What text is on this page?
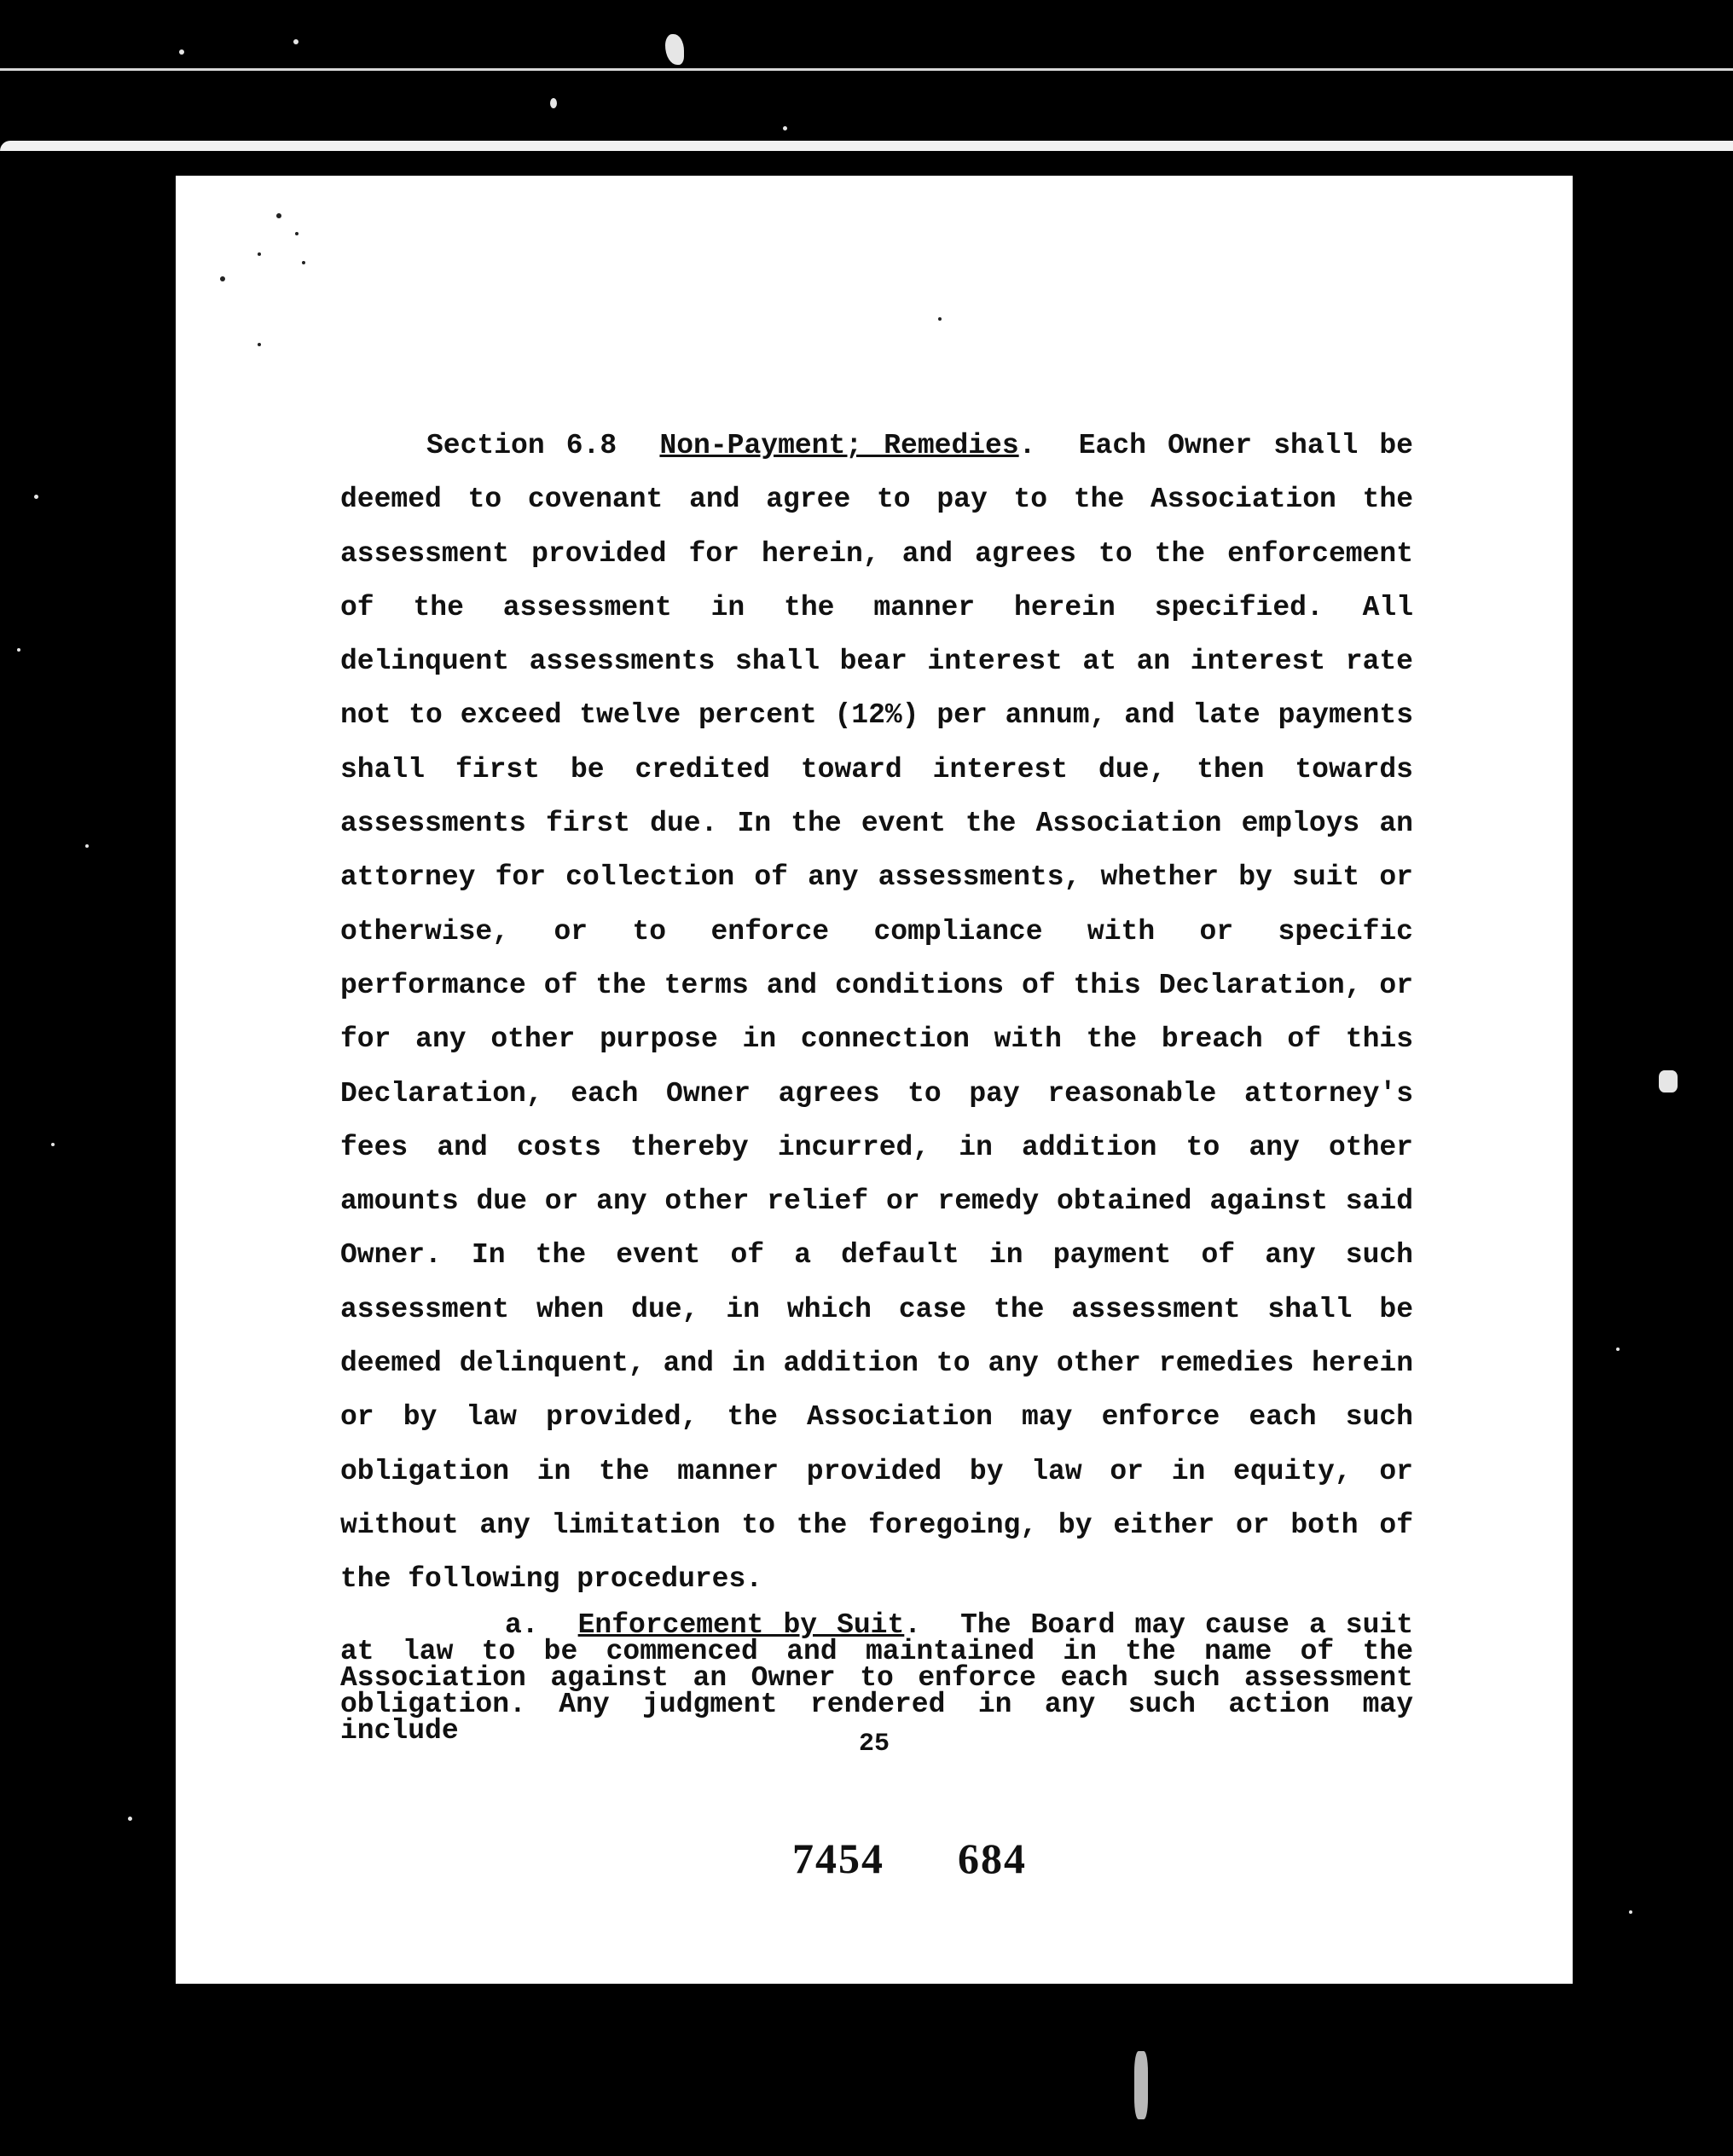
Section 6.8 Non-Payment; Remedies.  Each Owner shall be deemed to covenant and agree to pay to the Association the assessment provided for herein, and agrees to the enforcement of the assessment in the manner herein specified. All delinquent assessments shall bear interest at an interest rate not to exceed twelve percent (12%) per annum, and late payments shall first be credited toward interest due, then towards assessments first due. In the event the Association employs an attorney for collection of any assessments, whether by suit or otherwise, or to enforce compliance with or specific performance of the terms and conditions of this Declaration, or for any other purpose in connection with the breach of this Declaration, each Owner agrees to pay reasonable attorney's fees and costs thereby incurred, in addition to any other amounts due or any other relief or remedy obtained against said Owner. In the event of a default in payment of any such assessment when due, in which case the assessment shall be deemed delinquent, and in addition to any other remedies herein or by law provided, the Association may enforce each such obligation in the manner provided by law or in equity, or without any limitation to the foregoing, by either or both of the following procedures.

a. Enforcement by Suit.  The Board may cause a suit at law to be commenced and maintained in the name of the Association against an Owner to enforce each such assessment obligation. Any judgment rendered in any such action may include	25
7454 684
